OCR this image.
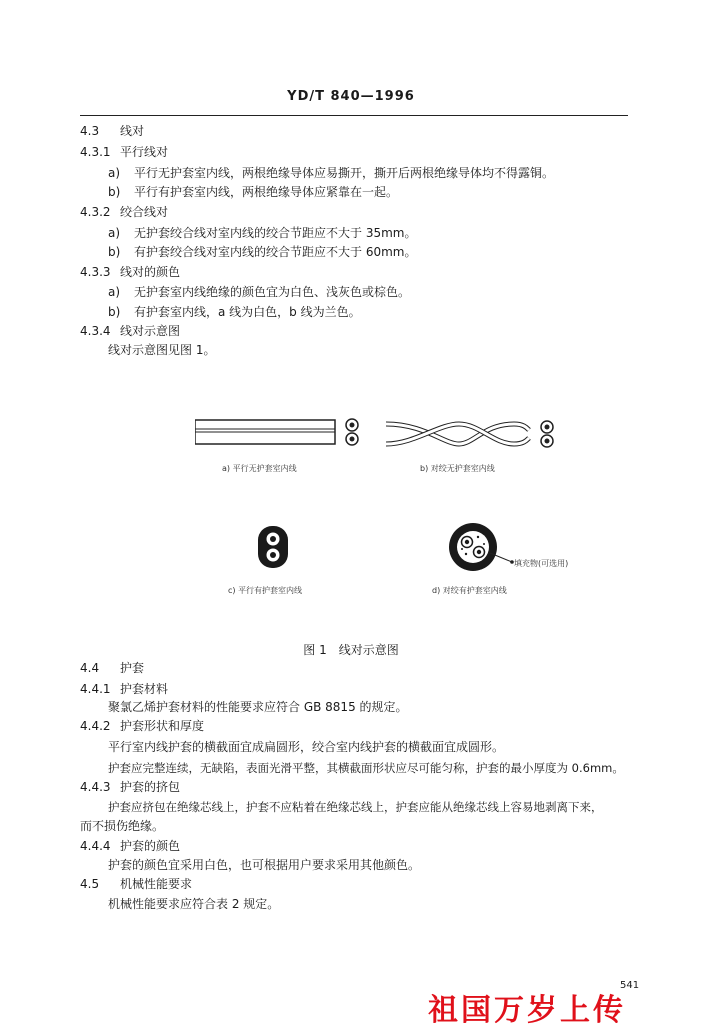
YD/T 840—1996
4.3 线对
4.3.1 平行线对
a) 平行无护套室内线，两根绝缘导体应易撕开，撕开后两根绝缘导体均不得露铜。
b) 平行有护套室内线，两根绝缘导体应紧靠在一起。
4.3.2 绞合线对
a) 无护套绞合线对室内线的绞合节距应不大于 35mm。
b) 有护套绞合线对室内线的绞合节距应不大于 60mm。
4.3.3 线对的颜色
a) 无护套室内线绝缘的颜色宜为白色、浅灰色或棕色。
b) 有护套室内线，a 线为白色，b 线为兰色。
4.3.4 线对示意图
线对示意图见图 1。
a) 平行无护套室内线	b) 对绞无护套室内线
c) 平行有护套室内线
填充物(可选用)
d) 对绞有护套室内线
图 1　线对示意图
4.4 护套
4.4.1 护套材料
聚氯乙烯护套材料的性能要求应符合 GB 8815 的规定。
4.4.2 护套形状和厚度
平行室内线护套的横截面宜成扁圆形，绞合室内线护套的横截面宜成圆形。
护套应完整连续，无缺陷，表面光滑平整，其横截面形状应尽可能匀称，护套的最小厚度为 0.6mm。
4.4.3 护套的挤包
护套应挤包在绝缘芯线上，护套不应粘着在绝缘芯线上，护套应能从绝缘芯线上容易地剥离下来，
而不损伤绝缘。
4.4.4 护套的颜色
护套的颜色宜采用白色，也可根据用户要求采用其他颜色。
4.5 机械性能要求
机械性能要求应符合表 2 规定。
541
祖国万岁上传
